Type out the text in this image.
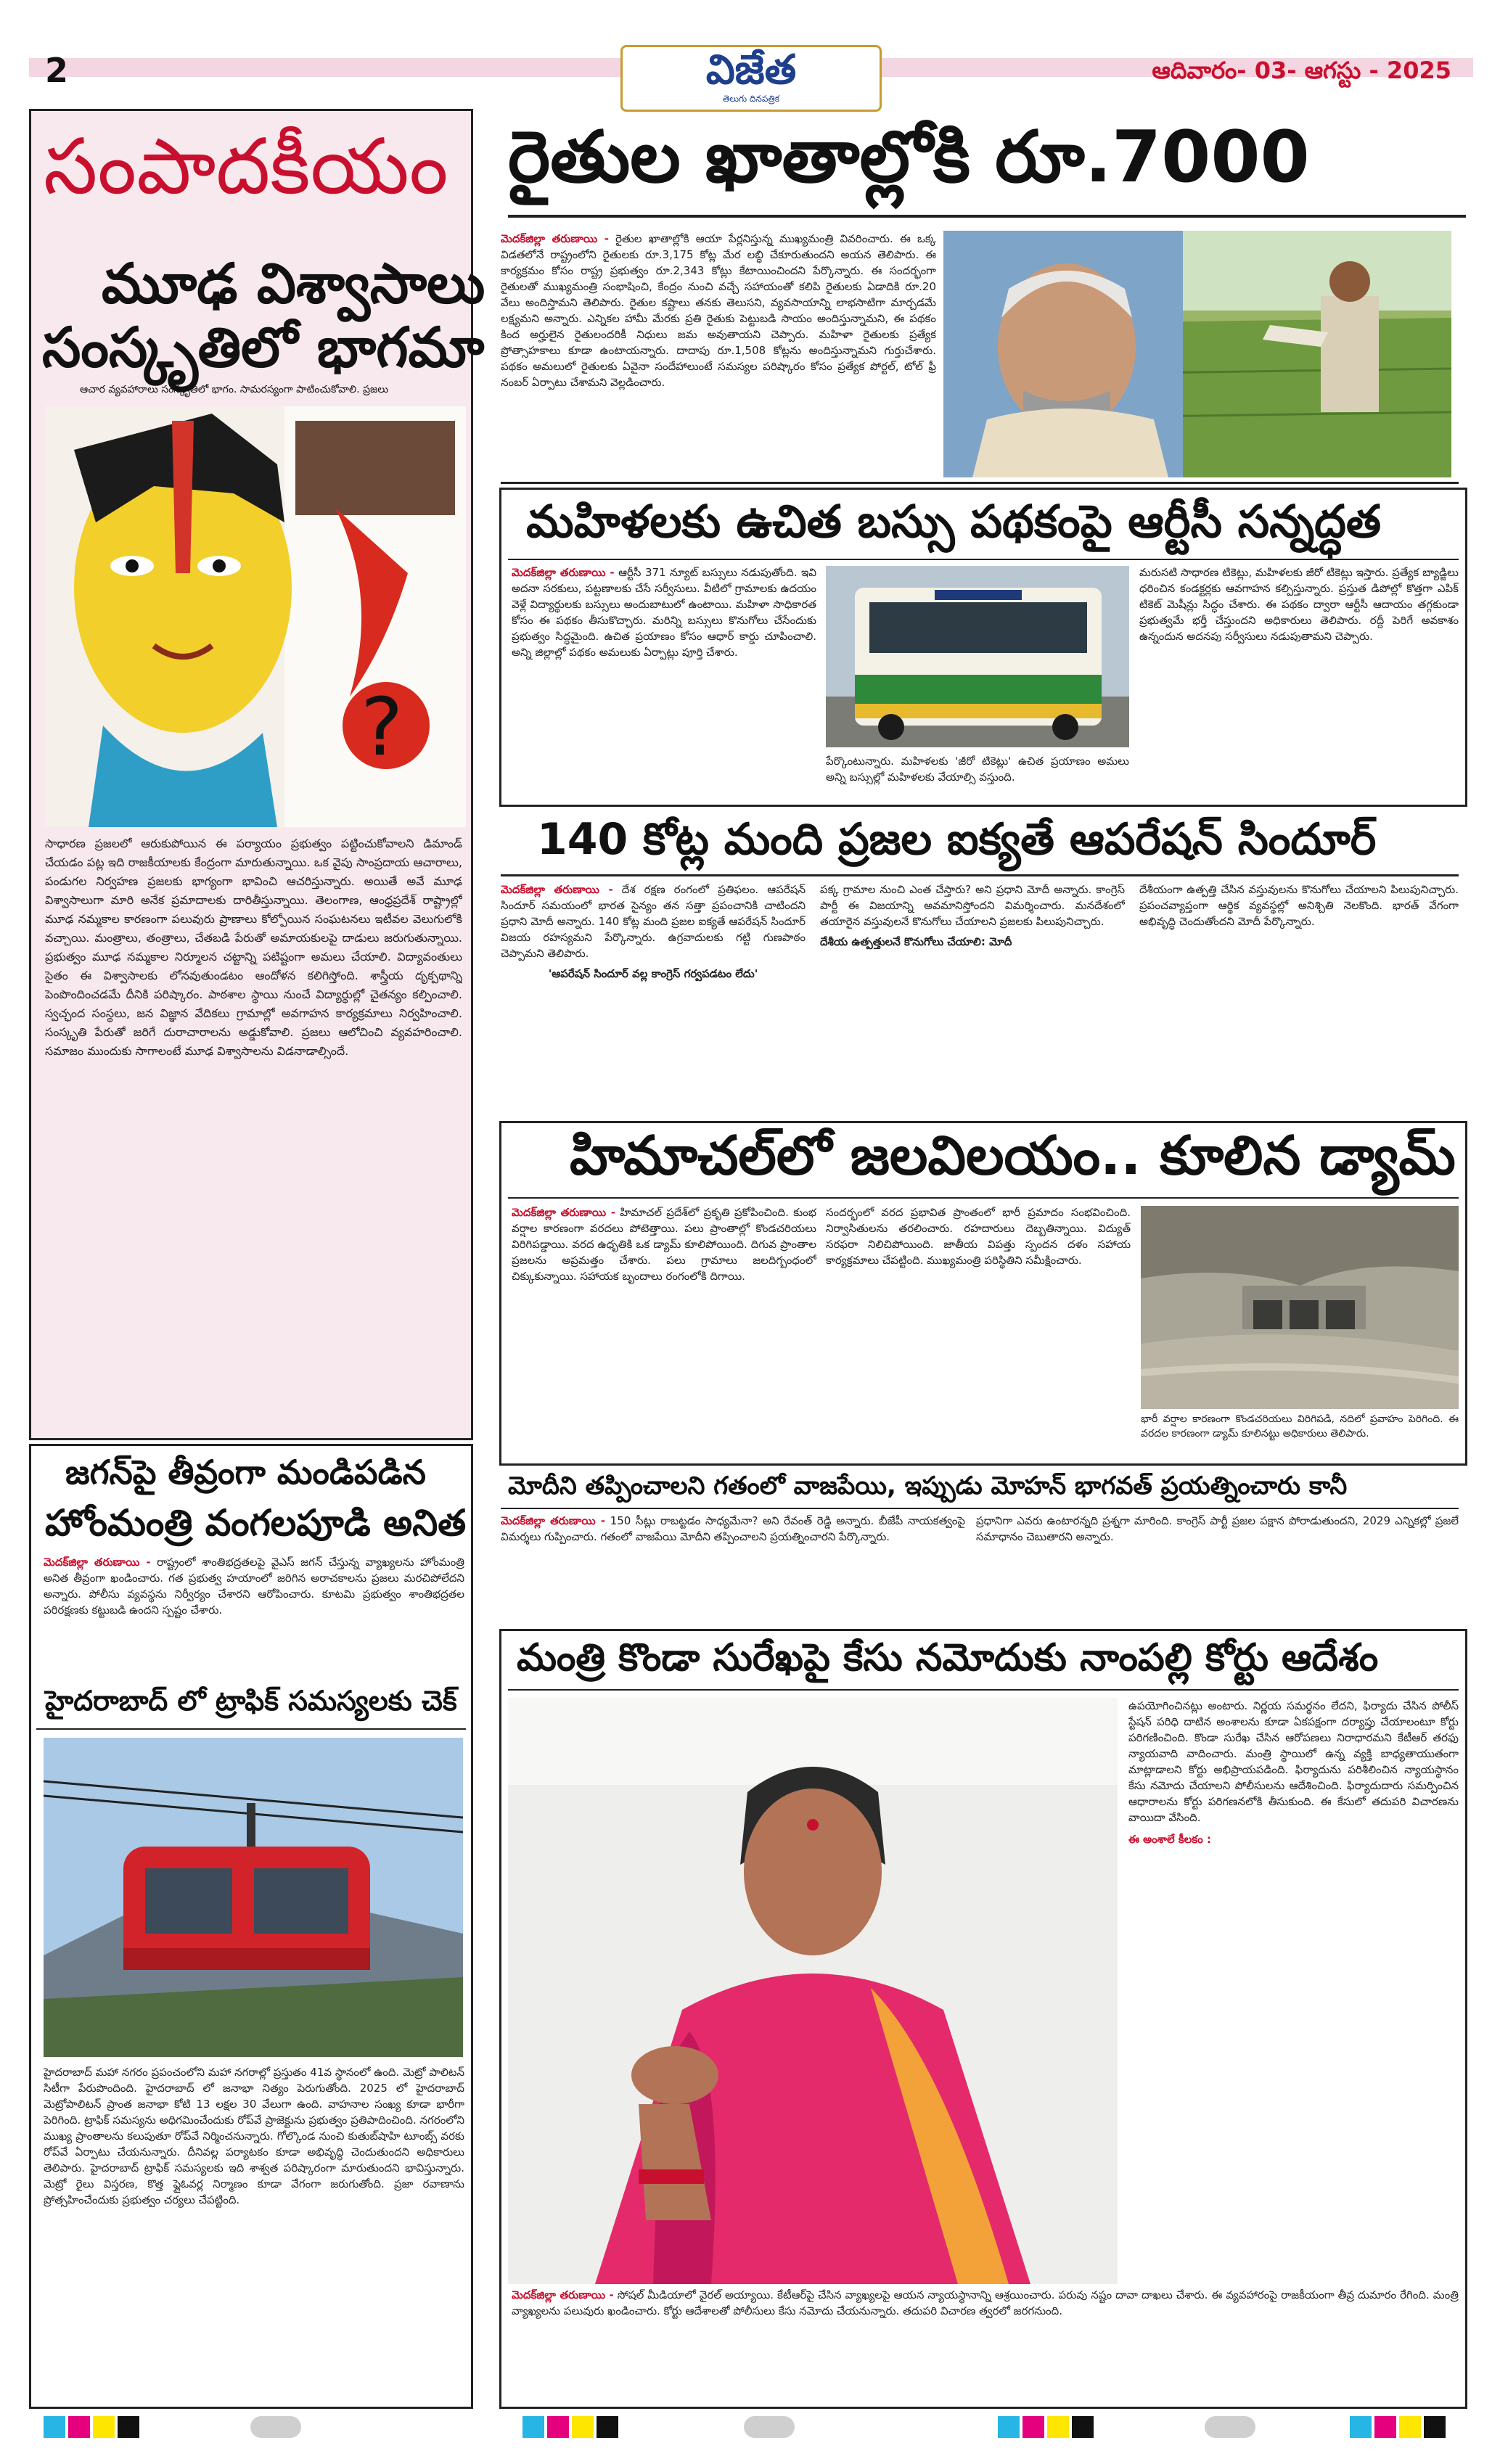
2	విజేత
తెలుగు దినపత్రిక
ఆదివారం- 03- ఆగస్టు - 2025
సంపాదకీయం
మూఢ విశ్వాసాలు
సంస్కృతిలో భాగమా
ఆచార వ్యవహారాలు సంస్కృతిలో భాగం. సామరస్యంగా పాటించుకోవాలి. ప్రజలు
?
సాధారణ ప్రజలలో ఆరుకుపోయిన ఈ పర్యాయం ప్రభుత్వం పట్టించుకోవాలని డిమాండ్ చేయడం పట్ల ఇది రాజకీయాలకు కేంద్రంగా మారుతున్నాయి. ఒక వైపు సాంప్రదాయ ఆచారాలు, పండుగల నిర్వహణ ప్రజలకు భాగ్యంగా భావించి ఆచరిస్తున్నారు. అయితే అవే మూఢ విశ్వాసాలుగా మారి అనేక ప్రమాదాలకు దారితీస్తున్నాయి. తెలంగాణ, ఆంధ్రప్రదేశ్ రాష్ట్రాల్లో మూఢ నమ్మకాల కారణంగా పలువురు ప్రాణాలు కోల్పోయిన సంఘటనలు ఇటీవల వెలుగులోకి వచ్చాయి. మంత్రాలు, తంత్రాలు, చేతబడి పేరుతో అమాయకులపై దాడులు జరుగుతున్నాయి. ప్రభుత్వం మూఢ నమ్మకాల నిర్మూలన చట్టాన్ని పటిష్టంగా అమలు చేయాలి. విద్యావంతులు సైతం ఈ విశ్వాసాలకు లోనవుతుండటం ఆందోళన కలిగిస్తోంది. శాస్త్రీయ దృక్పథాన్ని పెంపొందించడమే దీనికి పరిష్కారం. పాఠశాల స్థాయి నుంచే విద్యార్థుల్లో చైతన్యం కల్పించాలి. స్వచ్ఛంద సంస్థలు, జన విజ్ఞాన వేదికలు గ్రామాల్లో అవగాహన కార్యక్రమాలు నిర్వహించాలి. సంస్కృతి పేరుతో జరిగే దురాచారాలను అడ్డుకోవాలి. ప్రజలు ఆలోచించి వ్యవహరించాలి. సమాజం ముందుకు సాగాలంటే మూఢ విశ్వాసాలను విడనాడాల్సిందే.
రైతుల ఖాతాల్లోకి రూ.7000
మెదక్‌జిల్లా తరుణాయి - రైతుల ఖాతాల్లోకి ఆయా పేర్లనిస్తున్న ముఖ్యమంత్రి వివరించారు. ఈ ఒక్క విడతలోనే రాష్ట్రంలోని రైతులకు రూ.3,175 కోట్ల మేర లబ్ధి చేకూరుతుందని అయన తెలిపారు. ఈ కార్యక్రమం కోసం రాష్ట్ర ప్రభుత్వం రూ.2,343 కోట్లు కేటాయించిందని పేర్కొన్నారు. ఈ సందర్భంగా రైతులతో ముఖ్యమంత్రి సంభాషించి, కేంద్రం నుంచి వచ్చే సహాయంతో కలిపి రైతులకు ఏడాదికి రూ.20 వేలు అందిస్తామని తెలిపారు. రైతుల కష్టాలు తనకు తెలుసని, వ్యవసాయాన్ని లాభసాటిగా మార్చడమే లక్ష్యమని అన్నారు. ఎన్నికల హామీ మేరకు ప్రతి రైతుకు పెట్టుబడి సాయం అందిస్తున్నామని, ఈ పథకం కింద అర్హులైన రైతులందరికీ నిధులు జమ అవుతాయని చెప్పారు. మహిళా రైతులకు ప్రత్యేక ప్రోత్సాహకాలు కూడా ఉంటాయన్నారు. దాదాపు రూ.1,508 కోట్లను అందిస్తున్నామని గుర్తుచేశారు. పథకం అమలులో రైతులకు ఏవైనా సందేహాలుంటే సమస్యల పరిష్కారం కోసం ప్రత్యేక పోర్టల్, టోల్ ఫ్రీ నంబర్ ఏర్పాటు చేశామని వెల్లడించారు.
మహిళలకు ఉచిత బస్సు పథకంపై ఆర్టీసీ సన్నద్ధత
మెదక్‌జిల్లా తరుణాయి - ఆర్టీసీ 371 న్యూట్ బస్సులు నడుపుతోంది. ఇవి అదనా సరకులు, పట్టణాలకు చేసే సర్వీసులు. వీటిలో గ్రామాలకు ఉదయం వెళ్లే విద్యార్థులకు బస్సులు అందుబాటులో ఉంటాయి. మహిళా సాధికారత కోసం ఈ పథకం తీసుకొచ్చారు. మరిన్ని బస్సులు కొనుగోలు చేసేందుకు ప్రభుత్వం సిద్ధమైంది. ఉచిత ప్రయాణం కోసం ఆధార్ కార్డు చూపించాలి. అన్ని జిల్లాల్లో పథకం అమలుకు ఏర్పాట్లు పూర్తి చేశారు.
పేర్కొంటున్నారు. మహిళలకు 'జీరో టికెట్లు' ఉచిత ప్రయాణం అమలు అన్ని బస్సుల్లో మహిళలకు వేయాల్సి వస్తుంది.
మరుసటి సాధారణ టికెట్లు, మహిళలకు జీరో టికెట్లు ఇస్తారు. ప్రత్యేక బ్యాడ్జిలు ధరించిన కండక్టర్లకు ఆవగాహన కల్పిస్తున్నారు. ప్రస్తుత డిపోల్లో కొత్తగా ఎపిక్ టికెట్ మెషీన్లు సిద్ధం చేశారు. ఈ పథకం ద్వారా ఆర్టీసీ ఆదాయం తగ్గకుండా ప్రభుత్వమే భర్తీ చేస్తుందని అధికారులు తెలిపారు. రద్దీ పెరిగే అవకాశం ఉన్నందున అదనపు సర్వీసులు నడుపుతామని చెప్పారు.
140 కోట్ల మంది ప్రజల ఐక్యతే ఆపరేషన్ సిందూర్
మెదక్‌జిల్లా తరుణాయి - దేశ రక్షణ రంగంలో ప్రతిఫలం. ఆపరేషన్ సిందూర్ సమయంలో భారత సైన్యం తన సత్తా ప్రపంచానికి చాటిందని ప్రధాని మోదీ అన్నారు. 140 కోట్ల మంది ప్రజల ఐక్యతే ఆపరేషన్ సిందూర్ విజయ రహస్యమని పేర్కొన్నారు. ఉగ్రవాదులకు గట్టి గుణపాఠం చెప్పామని తెలిపారు.
'ఆపరేషన్ సిందూర్ వల్ల కాంగ్రెస్ గర్వపడటం లేదు'
పక్క గ్రామాల నుంచి ఎంత చేస్తారు? అని ప్రధాని మోదీ అన్నారు. కాంగ్రెస్ పార్టీ ఈ విజయాన్ని అవమానిస్తోందని విమర్శించారు. మనదేశంలో తయారైన వస్తువులనే కొనుగోలు చేయాలని ప్రజలకు పిలుపునిచ్చారు.
దేశీయ ఉత్పత్తులనే కొనుగోలు చేయాలి: మోదీ
దేశీయంగా ఉత్పత్తి చేసిన వస్తువులను కొనుగోలు చేయాలని పిలుపునిచ్చారు. ప్రపంచవ్యాప్తంగా ఆర్థిక వ్యవస్థల్లో అనిశ్చితి నెలకొంది. భారత్ వేగంగా అభివృద్ధి చెందుతోందని మోదీ పేర్కొన్నారు.
హిమాచల్‌లో జలవిలయం.. కూలిన డ్యామ్
మెదక్‌జిల్లా తరుణాయి - హిమాచల్ ప్రదేశ్‌లో ప్రకృతి ప్రకోపించింది. కుంభ వర్షాల కారణంగా వరదలు పోటెత్తాయి. పలు ప్రాంతాల్లో కొండచరియలు విరిగిపడ్డాయి. వరద ఉధృతికి ఒక డ్యామ్ కూలిపోయింది. దిగువ ప్రాంతాల ప్రజలను అప్రమత్తం చేశారు. పలు గ్రామాలు జలదిగ్బంధంలో చిక్కుకున్నాయి. సహాయక బృందాలు రంగంలోకి దిగాయి.
సందర్భంలో వరద ప్రభావిత ప్రాంతంలో భారీ ప్రమాదం సంభవించింది. నిర్వాసితులను తరలించారు. రహదారులు దెబ్బతిన్నాయి. విద్యుత్ సరఫరా నిలిచిపోయింది. జాతీయ విపత్తు స్పందన దళం సహాయ కార్యక్రమాలు చేపట్టింది. ముఖ్యమంత్రి పరిస్థితిని సమీక్షించారు.
భారీ వర్షాల కారణంగా కొండచరియలు విరిగిపడి, నదిలో ప్రవాహం పెరిగింది. ఈ వరదల కారణంగా డ్యామ్ కూలినట్టు అధికారులు తెలిపారు.
మోదీని తప్పించాలని గతంలో వాజపేయి, ఇప్పుడు మోహన్ భాగవత్ ప్రయత్నించారు కానీ
మెదక్‌జిల్లా తరుణాయి - 150 సీట్లు రాబట్టడం సాధ్యమేనా? అని రేవంత్ రెడ్డి అన్నారు. బీజేపీ నాయకత్వంపై విమర్శలు గుప్పించారు. గతంలో వాజపేయి మోదీని తప్పించాలని ప్రయత్నించారని పేర్కొన్నారు.
ప్రధానిగా ఎవరు ఉంటారన్నది ప్రశ్నగా మారింది. కాంగ్రెస్ పార్టీ ప్రజల పక్షాన పోరాడుతుందని, 2029 ఎన్నికల్లో ప్రజలే సమాధానం చెబుతారని అన్నారు.
జగన్‌పై తీవ్రంగా మండిపడిన
హోంమంత్రి వంగలపూడి అనిత
మెదక్‌జిల్లా తరుణాయి - రాష్ట్రంలో శాంతిభద్రతలపై వైఎస్ జగన్ చేస్తున్న వ్యాఖ్యలను హోంమంత్రి అనిత తీవ్రంగా ఖండించారు. గత ప్రభుత్వ హయాంలో జరిగిన అరాచకాలను ప్రజలు మరచిపోలేదని అన్నారు. పోలీసు వ్యవస్థను నిర్వీర్యం చేశారని ఆరోపించారు. కూటమి ప్రభుత్వం శాంతిభద్రతల పరిరక్షణకు కట్టుబడి ఉందని స్పష్టం చేశారు.
హైదరాబాద్ లో ట్రాఫిక్ సమస్యలకు చెక్
హైదరాబాద్ మహా నగరం ప్రపంచంలోని మహా నగరాల్లో ప్రస్తుతం 41వ స్థానంలో ఉంది. మెట్రో పాలిటన్ సిటీగా పేరుపొందింది. హైదరాబాద్ లో జనాభా నిత్యం పెరుగుతోంది. 2025 లో హైదరాబాద్ మెట్రోపాలిటన్ ప్రాంత జనాభా కోటి 13 లక్షల 30 వేలుగా ఉంది. వాహనాల సంఖ్య కూడా భారీగా పెరిగింది. ట్రాఫిక్ సమస్యను అధిగమించేందుకు రోప్‌వే ప్రాజెక్టును ప్రభుత్వం ప్రతిపాదించింది. నగరంలోని ముఖ్య ప్రాంతాలను కలుపుతూ రోప్‌వే నిర్మించనున్నారు. గోల్కొండ నుంచి కుతుబ్‌షాహి టూంబ్స్ వరకు రోప్‌వే ఏర్పాటు చేయనున్నారు. దీనివల్ల పర్యాటకం కూడా అభివృద్ధి చెందుతుందని అధికారులు తెలిపారు. హైదరాబాద్ ట్రాఫిక్ సమస్యలకు ఇది శాశ్వత పరిష్కారంగా మారుతుందని భావిస్తున్నారు. మెట్రో రైలు విస్తరణ, కొత్త ఫ్లైఓవర్ల నిర్మాణం కూడా వేగంగా జరుగుతోంది. ప్రజా రవాణాను ప్రోత్సహించేందుకు ప్రభుత్వం చర్యలు చేపట్టింది.
మంత్రి కొండా సురేఖపై కేసు నమోదుకు నాంపల్లి కోర్టు ఆదేశం
ఉపయోగించినట్లు అంటారు. నిర్ణయ సమర్థనం లేదని, ఫిర్యాదు చేసిన పోలీస్ స్టేషన్ పరిధి దాటిన అంశాలను కూడా ఏకపక్షంగా దర్యాప్తు చేయాలంటూ కోర్టు పరిగణించింది. కొండా సురేఖ చేసిన ఆరోపణలు నిరాధారమని కేటీఆర్ తరఫు న్యాయవాది వాదించారు. మంత్రి స్థాయిలో ఉన్న వ్యక్తి బాధ్యతాయుతంగా మాట్లాడాలని కోర్టు అభిప్రాయపడింది. ఫిర్యాదును పరిశీలించిన న్యాయస్థానం కేసు నమోదు చేయాలని పోలీసులను ఆదేశించింది. ఫిర్యాదుదారు సమర్పించిన ఆధారాలను కోర్టు పరిగణనలోకి తీసుకుంది. ఈ కేసులో తదుపరి విచారణను వాయిదా వేసింది.
ఈ అంశాలే కీలకం :
మెదక్‌జిల్లా తరుణాయి - సోషల్ మీడియాలో వైరల్ అయ్యాయి. కేటీఆర్‌పై చేసిన వ్యాఖ్యలపై ఆయన న్యాయస్థానాన్ని ఆశ్రయించారు. పరువు నష్టం దావా దాఖలు చేశారు. ఈ వ్యవహారంపై రాజకీయంగా తీవ్ర దుమారం రేగింది. మంత్రి వ్యాఖ్యలను పలువురు ఖండించారు. కోర్టు ఆదేశాలతో పోలీసులు కేసు నమోదు చేయనున్నారు. తదుపరి విచారణ త్వరలో జరగనుంది.
